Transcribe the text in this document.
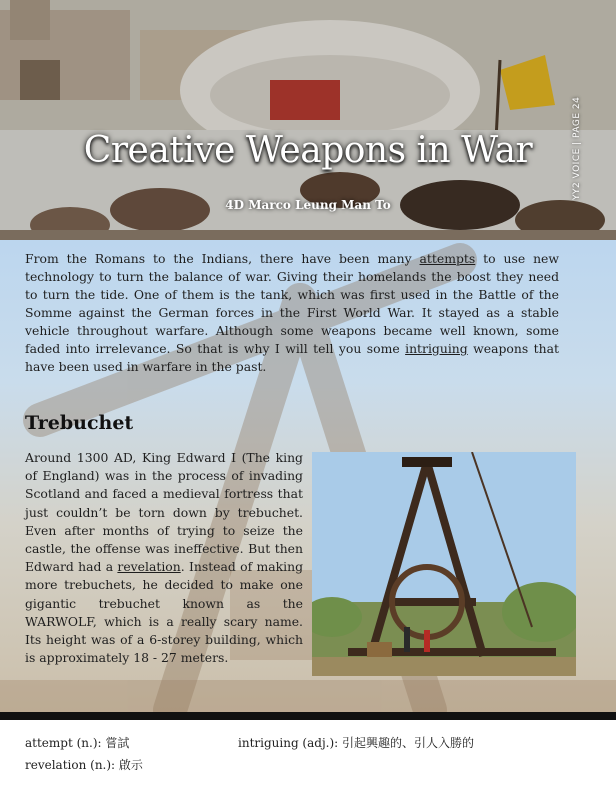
Creative Weapons in War
4D Marco Leung Man To
YY2 VOICE | PAGE 24

From the Romans to the Indians, there have been many attempts to use new technology to turn the balance of war. Giving their homelands the boost they need to turn the tide. One of them is the tank, which was first used in the Battle of the Somme against the German forces in the First World War. It stayed as a stable vehicle throughout warfare. Although some weapons became well known, some faded into irrelevance. So that is why I will tell you some intriguing weapons that have been used in warfare in the past.

Trebuchet

Around 1300 AD, King Edward I (The king of England) was in the process of invading Scotland and faced a medieval fortress that just couldn’t be torn down by trebuchet. Even after months of trying to seize the castle, the offense was ineffective. But then Edward had a revelation. Instead of making more trebuchets, he decided to make one gigantic trebuchet known as the WARWOLF, which is a really scary name. Its height was of a 6-storey building, which is approximately 18 - 27 meters.

attempt (n.): 嘗試	intriguing (adj.): 引起興趣的、引人入勝的
revelation (n.): 啟示
